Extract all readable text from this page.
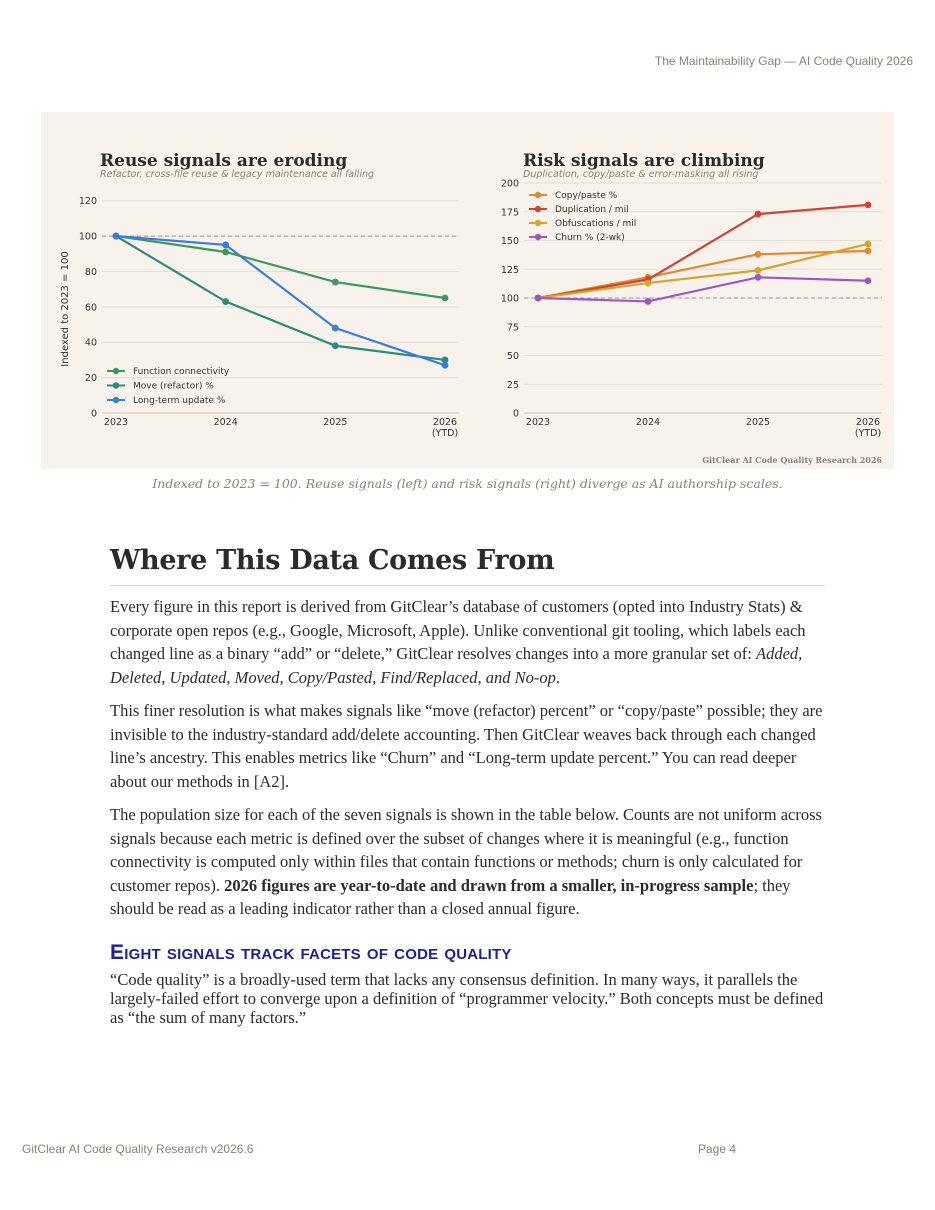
The Maintainability Gap — AI Code Quality 2026
Reuse signals are eroding
Refactor, cross-file reuse & legacy maintenance all falling
0
20
40
60
80
100
120
2023	2024	2025	2026
(YTD)
Indexed to 2023 = 100
Function connectivity
Move (refactor) %
Long-term update %
Risk signals are climbing
Duplication, copy/paste & error-masking all rising
0
25
50
75
100
125
150
175
200
2023	2024	2025	2026
(YTD)
Copy/paste %
Duplication / mil
Obfuscations / mil
Churn % (2-wk)
GitClear AI Code Quality Research 2026
Indexed to 2023 = 100. Reuse signals (left) and risk signals (right) diverge as AI authorship scales.
Where This Data Comes From

Every figure in this report is derived from GitClear’s database of customers (opted into Industry Stats) & corporate open repos (e.g., Google, Microsoft, Apple). Unlike conventional git tooling, which labels each changed line as a binary “add” or “delete,” GitClear resolves changes into a more granular set of: Added, Deleted, Updated, Moved, Copy/Pasted, Find/Replaced, and No-op.

This finer resolution is what makes signals like “move (refactor) percent” or “copy/paste” possible; they are invisible to the industry-standard add/delete accounting. Then GitClear weaves back through each changed line’s ancestry. This enables metrics like “Churn” and “Long-term update percent.” You can read deeper about our methods in [A2].

The population size for each of the seven signals is shown in the table below. Counts are not uniform across signals because each metric is defined over the subset of changes where it is meaningful (e.g., function connectivity is computed only within files that contain functions or methods; churn is only calculated for customer repos). 2026 figures are year-to-date and drawn from a smaller, in-progress sample; they should be read as a leading indicator rather than a closed annual figure.

Eight signals track facets of code quality

“Code quality” is a broadly-used term that lacks any consensus definition. In many ways, it parallels the largely-failed effort to converge upon a definition of “programmer velocity.” Both concepts must be defined as “the sum of many factors.”

GitClear AI Code Quality Research v2026.6	Page 4
